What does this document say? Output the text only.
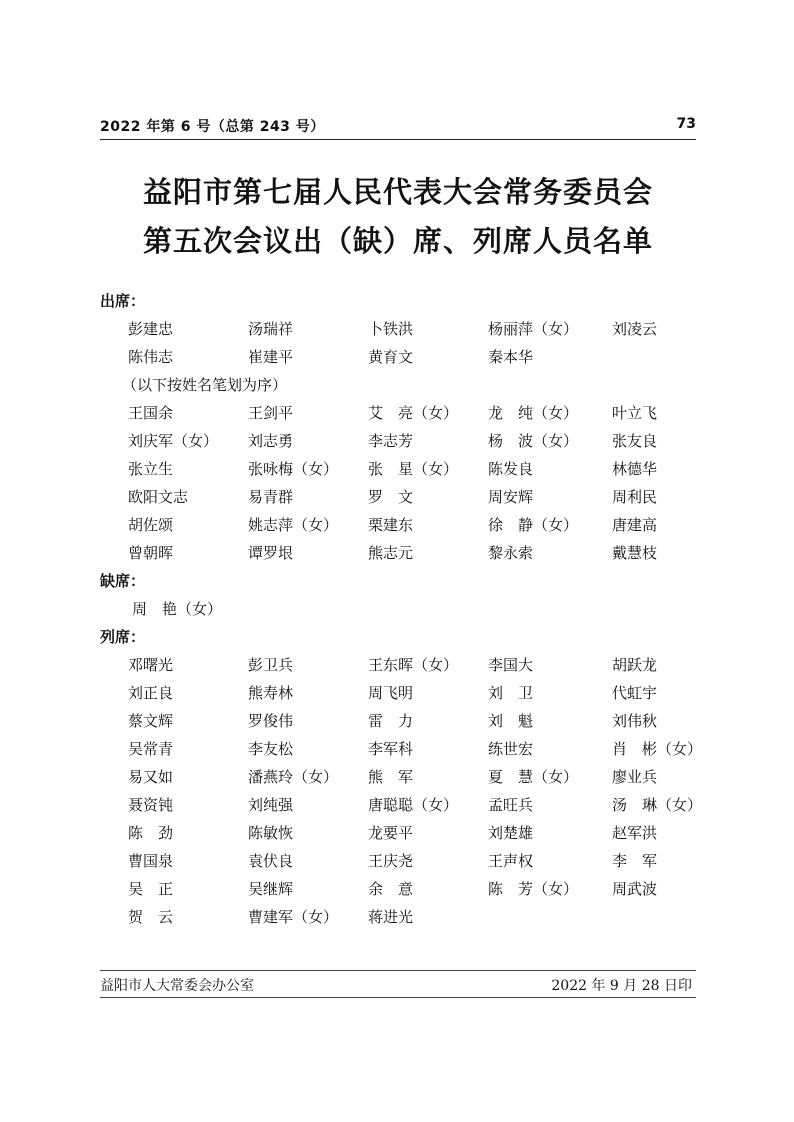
2022 年第 6 号（总第 243 号）	73
益阳市第七届人民代表大会常务委员会
第五次会议出（缺）席、列席人员名单
出席：
（以下按姓名笔划为序）
缺席：
列席：
彭建忠	汤瑞祥	卜铁洪	杨丽萍（女） 刘凌云
陈伟志	崔建平	黄育文	秦本华
王国余	王剑平	艾　亮（女） 龙　纯（女） 叶立飞
刘庆军（女） 刘志勇	李志芳	杨　波（女） 张友良
张立生	张咏梅（女） 张　星（女） 陈发良	林德华
欧阳文志	易青群	罗　文	周安辉	周利民
胡佐颂	姚志萍（女） 栗建东	徐　静（女） 唐建高
曾朝晖	谭罗垠	熊志元	黎永索	戴慧枝
周　艳（女）
邓曙光	彭卫兵	王东晖（女） 李国大	胡跃龙
刘正良	熊寿林	周飞明	刘　卫	代虹宇
蔡文辉	罗俊伟	雷　力	刘　魁	刘伟秋
吴常青	李友松	李军科	练世宏	肖　彬（女）
易又如	潘燕玲（女） 熊　军	夏　慧（女） 廖业兵
聂资钝	刘纯强	唐聪聪（女） 孟旺兵	汤　琳（女）
陈　劲	陈敏恢	龙要平	刘楚雄	赵军洪
曹国泉	袁伏良	王庆尧	王声权	李　军
吴　正	吴继辉	余　意	陈　芳（女） 周武波
贺　云	曹建军（女） 蒋进光
益阳市人大常委会办公室	2022 年 9 月 28 日印
